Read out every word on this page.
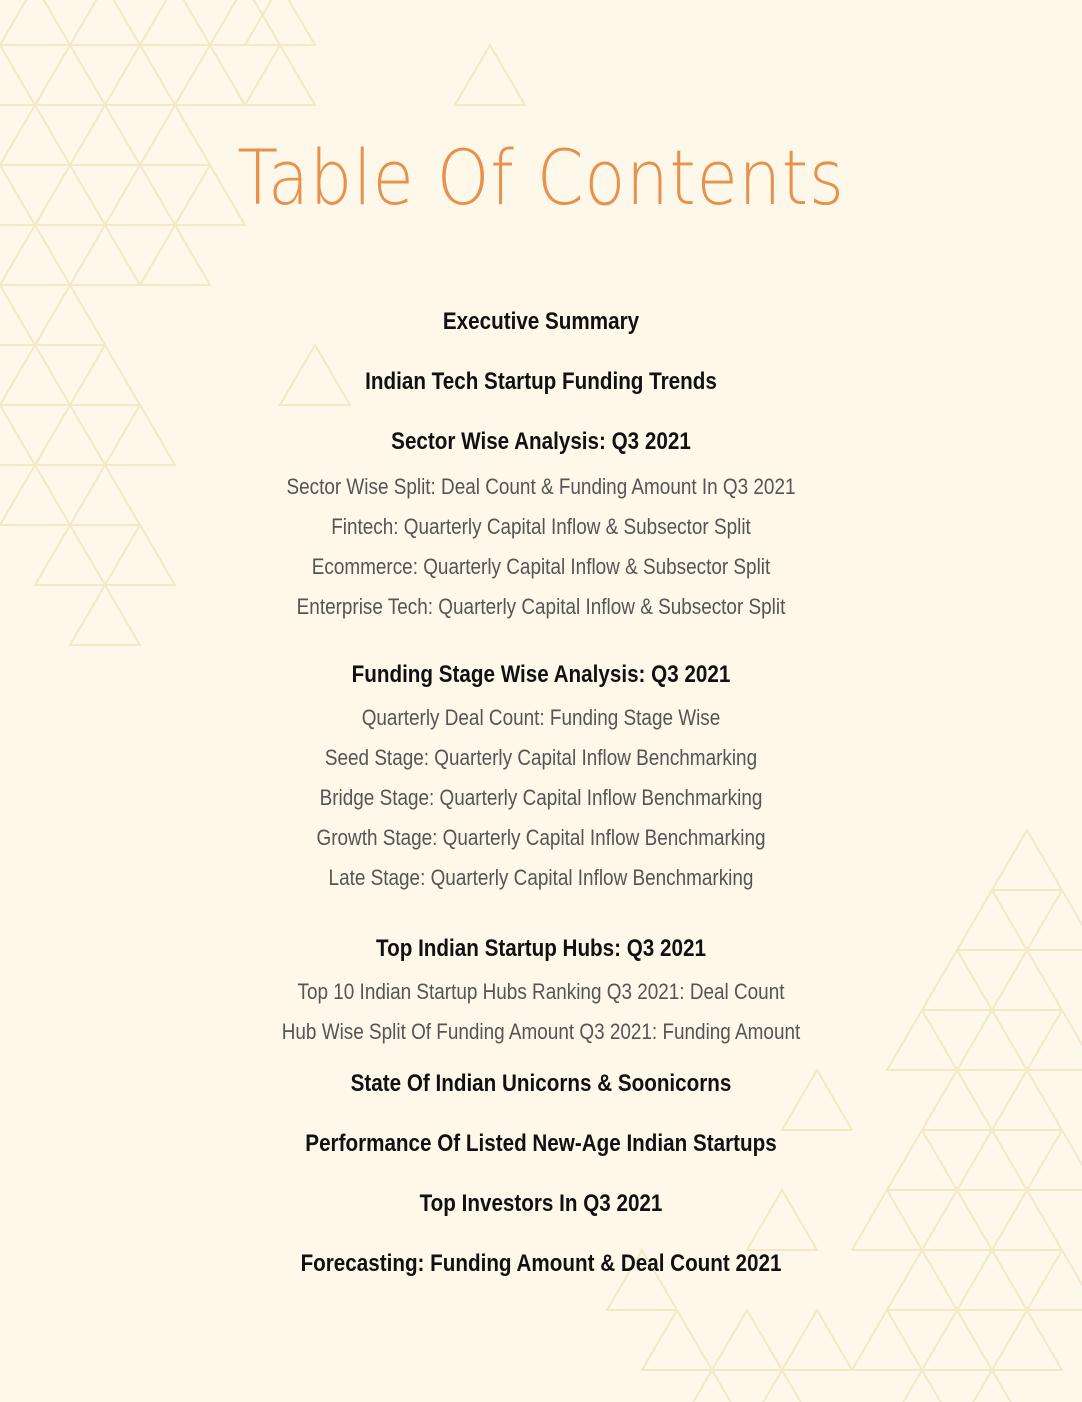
Table Of Contents
Executive Summary
Indian Tech Startup Funding Trends
Sector Wise Analysis: Q3 2021
Sector Wise Split: Deal Count & Funding Amount In Q3 2021
Fintech: Quarterly Capital Inflow & Subsector Split
Ecommerce: Quarterly Capital Inflow & Subsector Split
Enterprise Tech: Quarterly Capital Inflow & Subsector Split
Funding Stage Wise Analysis: Q3 2021
Quarterly Deal Count: Funding Stage Wise
Seed Stage: Quarterly Capital Inflow Benchmarking
Bridge Stage: Quarterly Capital Inflow Benchmarking
Growth Stage: Quarterly Capital Inflow Benchmarking
Late Stage: Quarterly Capital Inflow Benchmarking
Top Indian Startup Hubs: Q3 2021
Top 10 Indian Startup Hubs Ranking Q3 2021: Deal Count
Hub Wise Split Of Funding Amount Q3 2021: Funding Amount
State Of Indian Unicorns & Soonicorns
Performance Of Listed New-Age Indian Startups
Top Investors In Q3 2021
Forecasting: Funding Amount & Deal Count 2021
